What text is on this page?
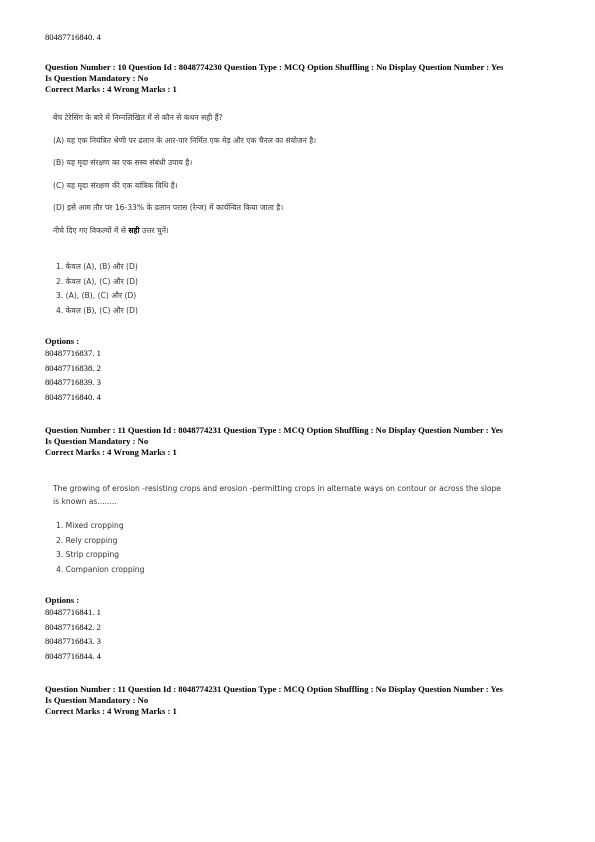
80487716840. 4
Question Number : 10 Question Id : 8048774230 Question Type : MCQ Option Shuffling : No Display Question Number : Yes
Is Question Mandatory : No
Correct Marks : 4 Wrong Marks : 1
बेंच टेरेसिंग के बारे में निम्नलिखित में से कौन से कथन सही हैं?
(A) यह एक नियंत्रित श्रेणी पर ढलान के आर-पार निर्मित एक मेड़ और एक चैनल का संयोजन है।
(B) यह मृदा संरक्षण का एक सस्य संबंधी उपाय है।
(C) यह मृदा संरक्षण की एक यांत्रिक विधि है।
(D) इसे आम तौर पर 16-33% के ढलान परास (रेन्ज) में कार्यन्वित किया जाता है।
नीचे दिए गए विकल्पों में से सही उत्तर चुनें।
1. केवल (A), (B) और (D)
2. केवल (A), (C) और (D)
3. (A), (B), (C) और (D)
4. केवल (B), (C) और (D)
Options :
80487716837. 1
80487716838. 2
80487716839. 3
80487716840. 4
Question Number : 11 Question Id : 8048774231 Question Type : MCQ Option Shuffling : No Display Question Number : Yes
Is Question Mandatory : No
Correct Marks : 4 Wrong Marks : 1
The growing of erosion -resisting crops and erosion -permitting crops in alternate ways on contour or across the slope
is known as........
1. Mixed cropping
2. Rely cropping
3. Strip cropping
4. Companion cropping
Options :
80487716841. 1
80487716842. 2
80487716843. 3
80487716844. 4
Question Number : 11 Question Id : 8048774231 Question Type : MCQ Option Shuffling : No Display Question Number : Yes
Is Question Mandatory : No
Correct Marks : 4 Wrong Marks : 1
